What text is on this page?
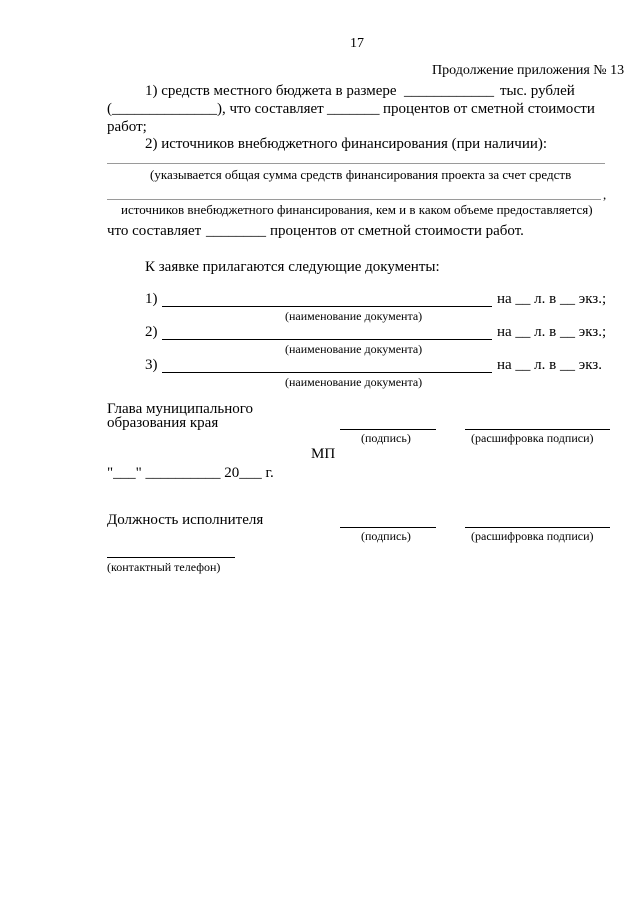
17
Продолжение приложения № 13
1) средств местного бюджета в размере ____________ тыс. рублей
(______________), что составляет _______ процентов от сметной стоимости
работ;
2) источников внебюджетного финансирования (при наличии):
(указывается общая сумма средств финансирования проекта за счет средств
,
источников внебюджетного финансирования, кем и в каком объеме предоставляется)
что составляет ________ процентов от сметной стоимости работ.
К заявке прилагаются следующие документы:
1)	на __ л. в __ экз.;
(наименование документа)
2)	на __ л. в __ экз.;
(наименование документа)
3)	на __ л. в __ экз.
(наименование документа)
Глава муниципального
образования края
(подпись)	(расшифровка подписи)
МП
"___" __________ 20___ г.
Должность исполнителя
(подпись)	(расшифровка подписи)
(контактный телефон)
